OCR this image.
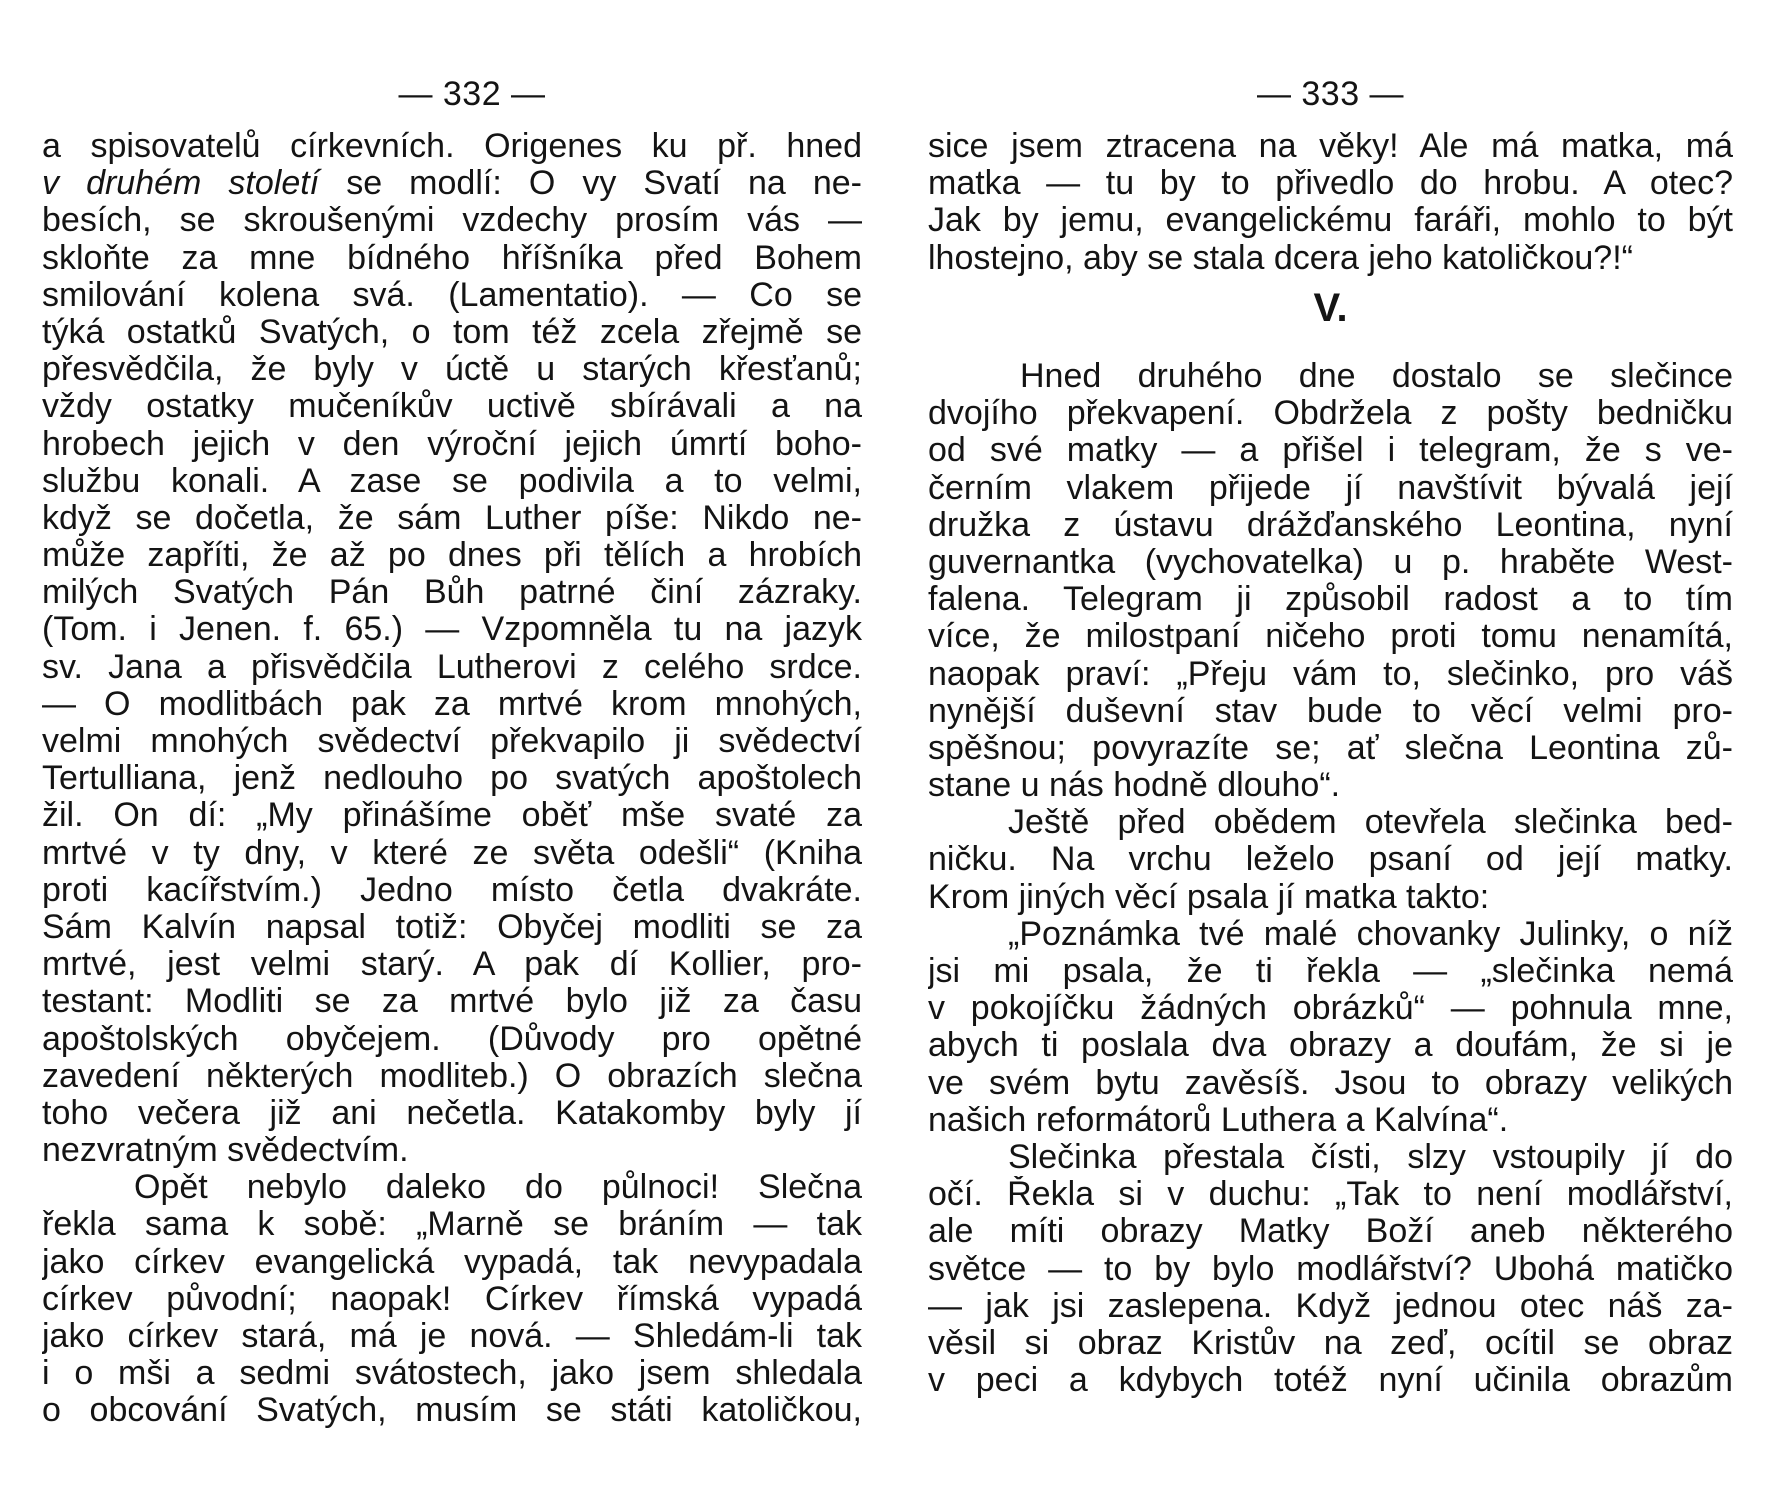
— 332 —
a spisovatelů církevních. Origenes ku př. hned
v druhém století se modlí: O vy Svatí na ne-
besích, se skroušenými vzdechy prosím vás —
skloňte za mne bídného hříšníka před Bohem
smilování kolena svá. (Lamentatio). — Co se
týká ostatků Svatých, o tom též zcela zřejmě se
přesvědčila, že byly v úctě u starých křesťanů;
vždy ostatky mučeníkův uctivě sbírávali a na
hrobech jejich v den výroční jejich úmrtí boho-
službu konali. A zase se podivila a to velmi,
když se dočetla, že sám Luther píše: Nikdo ne-
může zapříti, že až po dnes při tělích a hrobích
milých Svatých Pán Bůh patrné činí zázraky.
(Tom. i Jenen. f. 65.) — Vzpomněla tu na jazyk
sv. Jana a přisvědčila Lutherovi z celého srdce.
— O modlitbách pak za mrtvé krom mnohých,
velmi mnohých svědectví překvapilo ji svědectví
Tertulliana, jenž nedlouho po svatých apoštolech
žil. On dí: „My přinášíme oběť mše svaté za
mrtvé v ty dny, v které ze světa odešli“ (Kniha
proti kacířstvím.) Jedno místo četla dvakráte.
Sám Kalvín napsal totiž: Obyčej modliti se za
mrtvé, jest velmi starý. A pak dí Kollier, pro-
testant: Modliti se za mrtvé bylo již za času
apoštolských obyčejem. (Důvody pro opětné
zavedení některých modliteb.) O obrazích slečna
toho večera již ani nečetla. Katakomby byly jí
nezvratným svědectvím.
Opět nebylo daleko do půlnoci! Slečna
řekla sama k sobě: „Marně se bráním — tak
jako církev evangelická vypadá, tak nevypadala
církev původní; naopak! Církev římská vypadá
jako církev stará, má je nová. — Shledám-li tak
i o mši a sedmi svátostech, jako jsem shledala
o obcování Svatých, musím se státi katoličkou,
— 333 —
sice jsem ztracena na věky! Ale má matka, má
matka — tu by to přivedlo do hrobu. A otec?
Jak by jemu, evangelickému faráři, mohlo to být
lhostejno, aby se stala dcera jeho katoličkou?!“
V.
Hned druhého dne dostalo se slečince
dvojího překvapení. Obdržela z pošty bedničku
od své matky — a přišel i telegram, že s ve-
černím vlakem přijede jí navštívit bývalá její
družka z ústavu drážďanského Leontina, nyní
guvernantka (vychovatelka) u p. hraběte West-
falena. Telegram ji způsobil radost a to tím
více, že milostpaní ničeho proti tomu nenamítá,
naopak praví: „Přeju vám to, slečinko, pro váš
nynější duševní stav bude to věcí velmi pro-
spěšnou; povyrazíte se; ať slečna Leontina zů-
stane u nás hodně dlouho“.
Ještě před obědem otevřela slečinka bed-
ničku. Na vrchu leželo psaní od její matky.
Krom jiných věcí psala jí matka takto:
„Poznámka tvé malé chovanky Julinky, o níž
jsi mi psala, že ti řekla — „slečinka nemá
v pokojíčku žádných obrázků“ — pohnula mne,
abych ti poslala dva obrazy a doufám, že si je
ve svém bytu zavěsíš. Jsou to obrazy velikých
našich reformátorů Luthera a Kalvína“.
Slečinka přestala čísti, slzy vstoupily jí do
očí. Řekla si v duchu: „Tak to není modlářství,
ale míti obrazy Matky Boží aneb některého
světce — to by bylo modlářství? Ubohá matičko
— jak jsi zaslepena. Když jednou otec náš za-
věsil si obraz Kristův na zeď, ocítil se obraz
v peci a kdybych totéž nyní učinila obrazům
